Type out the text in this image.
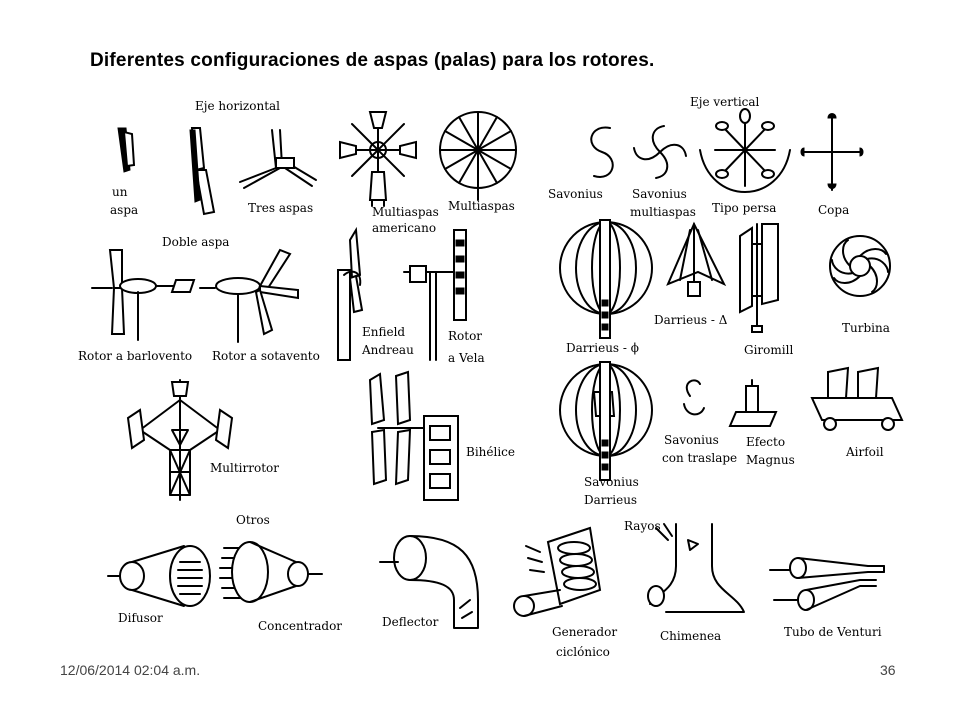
Diferentes configuraciones de aspas (palas) para los rotores.
Eje horizontal
un
aspa	Tres aspas	Multiaspas
americano
Multiaspas
Doble aspa
Rotor a barlovento Rotor a sotavento
Enfield
Andreau
Rotor
a Vela
Multirrotor
Bihélice
Eje vertical
Savonius Savonius
multiaspas Tipo persa	Copa
Darrieus - ϕ
Darrieus - Δ
Giromill
Turbina
Savonius
Darrieus
Savonius
con traslape
Efecto
Magnus
Airfoil
Otros
Difusor
Concentrador	Deflector
Generador
ciclónico
Rayos
Chimenea	Tubo de Venturi
12/06/2014 02:04 a.m.	36
